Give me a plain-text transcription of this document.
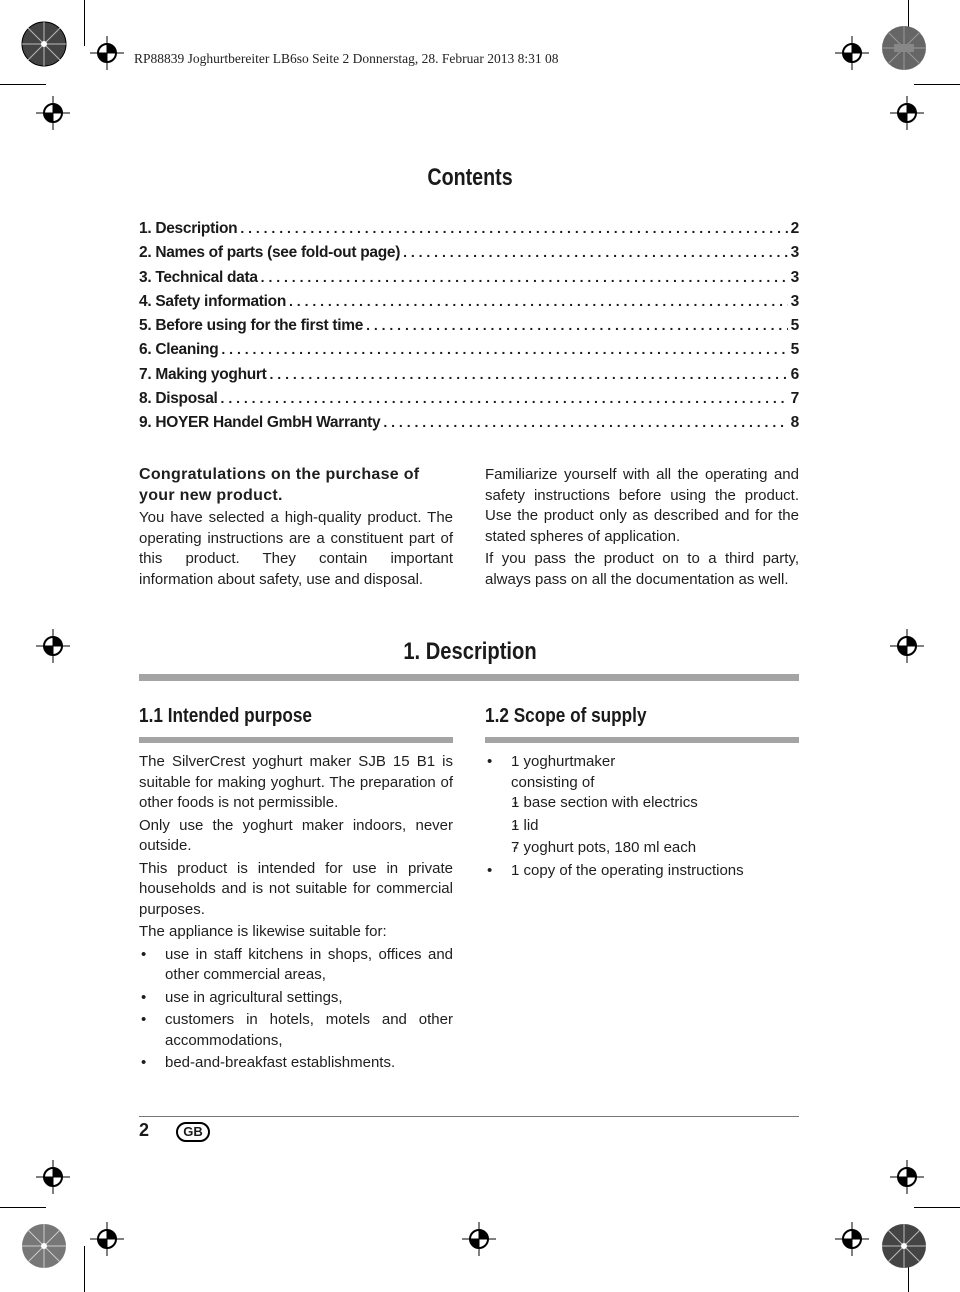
RP88839 Joghurtbereiter LB6so Seite 2 Donnerstag, 28. Februar 2013 8:31 08
Contents
1. Description . . .	2
2. Names of parts (see fold-out page) . . .	3
3. Technical data . . .	3
4. Safety information . . .	3
5. Before using for the first time . . .	5
6. Cleaning . . .	5
7. Making yoghurt . . .	6
8. Disposal . . .	7
9. HOYER Handel GmbH Warranty . . .	8

Congratulations on the purchase of your new product.

You have selected a high-quality product. The operating instructions are a constituent part of this product. They contain important information about safety, use and disposal.

Familiarize yourself with all the operating and safety instructions before using the product. Use the product only as described and for the stated spheres of application.

If you pass the product on to a third party, always pass on all the documentation as well.

1. Description
1.1 Intended purpose	1.2 Scope of supply

The SilverCrest yoghurt maker SJB 15 B1 is suitable for making yoghurt. The preparation of other foods is not permissible.

Only use the yoghurt maker indoors, never outside.

This product is intended for use in private households and is not suitable for commercial purposes.

The appliance is likewise suitable for:

• use in staff kitchens in shops, offices and other commercial areas,
• use in agricultural settings,
• customers in hotels, motels and other accommodations,
• bed-and-breakfast establishments.
• 1 yoghurtmaker
consisting of
- 1 base section with electrics
- 1 lid
- 7 yoghurt pots, 180 ml each
• 1 copy of the operating instructions
2	GB
